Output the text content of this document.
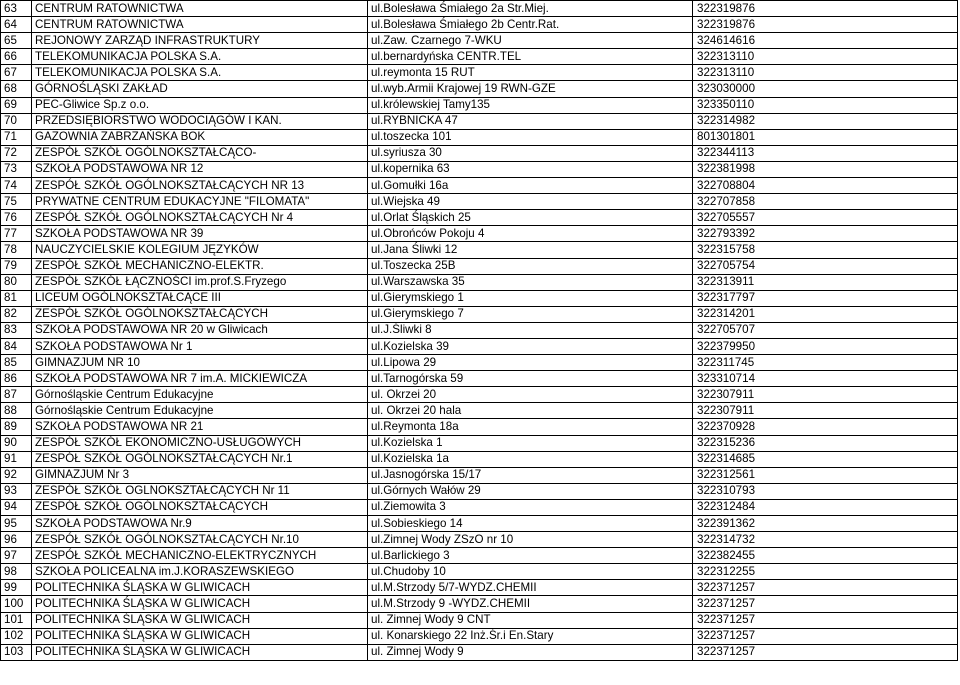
63	CENTRUM RATOWNICTWA	ul.Bolesława Śmiałego 2a Str.Miej.	322319876
64	CENTRUM RATOWNICTWA	ul.Bolesława Śmiałego 2b Centr.Rat.	322319876
65	REJONOWY ZARZĄD INFRASTRUKTURY	ul.Zaw. Czarnego 7-WKU	324614616
66	TELEKOMUNIKACJA POLSKA S.A.	ul.bernardyńska CENTR.TEL	322313110
67	TELEKOMUNIKACJA POLSKA S.A.	ul.reymonta 15 RUT	322313110
68	GÓRNOŚLĄSKI ZAKŁAD	ul.wyb.Armii Krajowej 19 RWN-GZE	323030000
69	PEC-Gliwice Sp.z o.o.	ul.królewskiej Tamy135	323350110
70	PRZEDSIĘBIORSTWO WODOCIĄGÓW I KAN.	ul.RYBNICKA 47	322314982
71	GAZOWNIA ZABRZAŃSKA BOK	ul.toszecka 101	801301801
72	ZESPÓŁ SZKÓŁ OGÓLNOKSZTAŁCĄCO-	ul.syriusza 30	322344113
73	SZKOŁA PODSTAWOWA NR 12	ul.kopernika 63	322381998
74	ZESPÓŁ SZKÓŁ OGÓLNOKSZTAŁCĄCYCH NR 13	ul.Gomułki 16a	322708804
75	PRYWATNE CENTRUM EDUKACYJNE "FILOMATA"	ul.Wiejska 49	322707858
76	ZESPÓŁ SZKÓŁ OGÓLNOKSZTAŁCĄCYCH Nr 4	ul.Orlat Śląskich 25	322705557
77	SZKOŁA PODSTAWOWA NR 39	ul.Obrońców Pokoju 4	322793392
78	NAUCZYCIELSKIE KOLEGIUM JĘZYKÓW	ul.Jana Śliwki 12	322315758
79	ZESPÓŁ SZKÓŁ MECHANICZNO-ELEKTR.	ul.Toszecka 25B	322705754
80	ZESPÓŁ SZKÓŁ ŁĄCZNOŚCI im.prof.S.Fryzego	ul.Warszawska 35	322313911
81	LICEUM OGÓLNOKSZTAŁCĄCE III	ul.Gierymskiego 1	322317797
82	ZESPÓŁ SZKÓŁ OGÓLNOKSZTAŁCĄCYCH	ul.Gierymskiego 7	322314201
83	SZKOŁA PODSTAWOWA NR 20 w Gliwicach	ul.J.Śliwki 8	322705707
84	SZKOŁA PODSTAWOWA Nr 1	ul.Kozielska 39	322379950
85	GIMNAZJUM NR 10	ul.Lipowa 29	322311745
86	SZKOŁA PODSTAWOWA NR 7 im.A. MICKIEWICZA	ul.Tarnogórska 59	323310714
87	Górnośląskie Centrum Edukacyjne	ul. Okrzei 20	322307911
88	Górnośląskie Centrum Edukacyjne	ul. Okrzei 20 hala	322307911
89	SZKOŁA PODSTAWOWA NR 21	ul.Reymonta 18a	322370928
90	ZESPÓŁ SZKÓŁ EKONOMICZNO-USŁUGOWYCH	ul.Kozielska 1	322315236
91	ZESPÓŁ SZKÓŁ OGÓLNOKSZTAŁCĄCYCH Nr.1	ul.Kozielska 1a	322314685
92	GIMNAZJUM Nr 3	ul.Jasnogórska 15/17	322312561
93	ZESPÓŁ SZKÓŁ OGLNOKSZTAŁCĄCYCH Nr 11	ul.Górnych Wałów 29	322310793
94	ZESPÓŁ SZKÓŁ OGÓLNOKSZTAŁCĄCYCH	ul.Ziemowita 3	322312484
95	SZKOŁA PODSTAWOWA Nr.9	ul.Sobieskiego 14	322391362
96	ZESPÓŁ SZKÓŁ OGÓLNOKSZTAŁCĄCYCH Nr.10	ul.Zimnej Wody ZSzO nr 10	322314732
97	ZESPÓŁ SZKÓŁ MECHANICZNO-ELEKTRYCZNYCH	ul.Barlickiego 3	322382455
98	SZKOŁA POLICEALNA im.J.KORASZEWSKIEGO	ul.Chudoby 10	322312255
99	POLITECHNIKA ŚLĄSKA W GLIWICACH	ul.M.Strzody 5/7-WYDZ.CHEMII	322371257
100	POLITECHNIKA ŚLĄSKA W GLIWICACH	ul.M.Strzody 9 -WYDZ.CHEMII	322371257
101	POLITECHNIKA ŚLĄSKA W GLIWICACH	ul. Zimnej Wody 9 CNT	322371257
102	POLITECHNIKA ŚLĄSKA W GLIWICACH	ul. Konarskiego 22 Inż.Śr.i En.Stary	322371257
103	POLITECHNIKA ŚLĄSKA W GLIWICACH	ul. Zimnej Wody 9	322371257
